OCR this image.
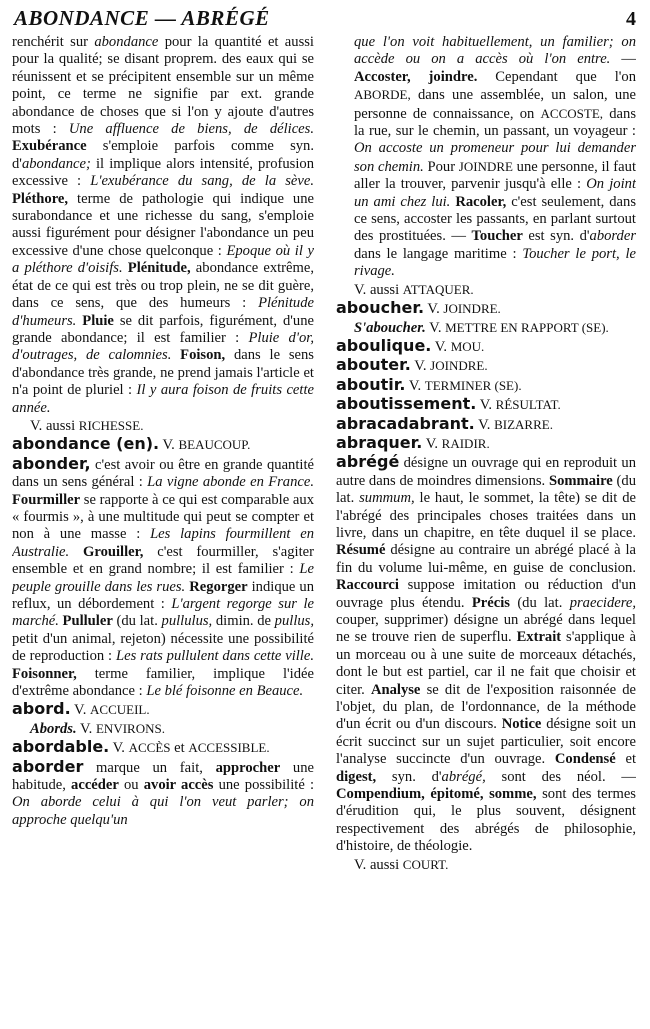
ABONDANCE — ABRÉGÉ	4

renchérit sur abondance pour la quantité et aussi pour la qualité; se disant proprem. des eaux qui se réunissent et se précipitent ensemble sur un même point, ce terme ne signifie par ext. grande abondance de choses que si l'on y ajoute d'autres mots : Une affluence de biens, de délices. Exubérance s'emploie parfois comme syn. d'abondance; il implique alors intensité, profusion excessive : L'exubérance du sang, de la sève. Pléthore, terme de pathologie qui indique une surabondance et une richesse du sang, s'emploie aussi figurément pour désigner l'abondance un peu excessive d'une chose quelconque : Epoque où il y a pléthore d'oisifs. Plénitude, abondance extrême, état de ce qui est très ou trop plein, ne se dit guère, dans ce sens, que des humeurs : Plénitude d'humeurs. Pluie se dit parfois, figurément, d'une grande abondance; il est familier : Pluie d'or, d'outrages, de calomnies. Foison, dans le sens d'abondance très grande, ne prend jamais l'article et n'a point de pluriel : Il y aura foison de fruits cette année.

V. aussi RICHESSE.
abondance (en). V. BEAUCOUP.
abonder, c'est avoir ou être en grande quantité dans un sens général : La vigne abonde en France. Fourmiller se rapporte à ce qui est comparable aux « fourmis », à une multitude qui peut se compter et non à une masse : Les lapins fourmillent en Australie. Grouiller, c'est fourmiller, s'agiter ensemble et en grand nombre; il est familier : Le peuple grouille dans les rues. Regorger indique un reflux, un débordement : L'argent regorge sur le marché. Pulluler (du lat. pullulus, dimin. de pullus, petit d'un animal, rejeton) nécessite une possibilité de reproduction : Les rats pullulent dans cette ville. Foisonner, terme familier, implique l'idée d'extrême abondance : Le blé foisonne en Beauce.
abord. V. ACCUEIL.
Abords. V. ENVIRONS.
abordable. V. ACCÈS et ACCESSIBLE.
aborder marque un fait, approcher une habitude, accéder ou avoir accès une possibilité : On aborde celui à qui l'on veut parler; on approche quelqu'un
que l'on voit habituellement, un familier; on accède ou on a accès où l'on entre. — Accoster, joindre. Cependant que l'on ABORDE, dans une assemblée, un salon, une personne de connaissance, on ACCOSTE, dans la rue, sur le chemin, un passant, un voyageur : On accoste un promeneur pour lui demander son chemin. Pour JOINDRE une personne, il faut aller la trouver, parvenir jusqu'à elle : On joint un ami chez lui. Racoler, c'est seulement, dans ce sens, accoster les passants, en parlant surtout des prostituées. — Toucher est syn. d'aborder dans le langage maritime : Toucher le port, le rivage.
V. aussi ATTAQUER.
aboucher. V. JOINDRE.
S'aboucher. V. METTRE EN RAPPORT (SE).
aboulique. V. MOU.
abouter. V. JOINDRE.
aboutir. V. TERMINER (SE).
aboutissement. V. RÉSULTAT.
abracadabrant. V. BIZARRE.
abraquer. V. RAIDIR.
abrégé désigne un ouvrage qui en reproduit un autre dans de moindres dimensions. Sommaire (du lat. summum, le haut, le sommet, la tête) se dit de l'abrégé des principales choses traitées dans un livre, dans un chapitre, en tête duquel il se place. Résumé désigne au contraire un abrégé placé à la fin du volume lui-même, en guise de conclusion. Raccourci suppose imitation ou réduction d'un ouvrage plus étendu. Précis (du lat. praecidere, couper, supprimer) désigne un abrégé dans lequel ne se trouve rien de superflu. Extrait s'applique à un morceau ou à une suite de morceaux détachés, dont le but est partiel, car il ne fait que choisir et citer. Analyse se dit de l'exposition raisonnée de l'objet, du plan, de l'ordonnance, de la méthode d'un écrit ou d'un discours. Notice désigne soit un écrit succinct sur un sujet particulier, soit encore l'analyse succincte d'un ouvrage. Condensé et digest, syn. d'abrégé, sont des néol. — Compendium, épitomé, somme, sont des termes d'érudition qui, le plus souvent, désignent respectivement des abrégés de philosophie, d'histoire, de théologie.
V. aussi COURT.
